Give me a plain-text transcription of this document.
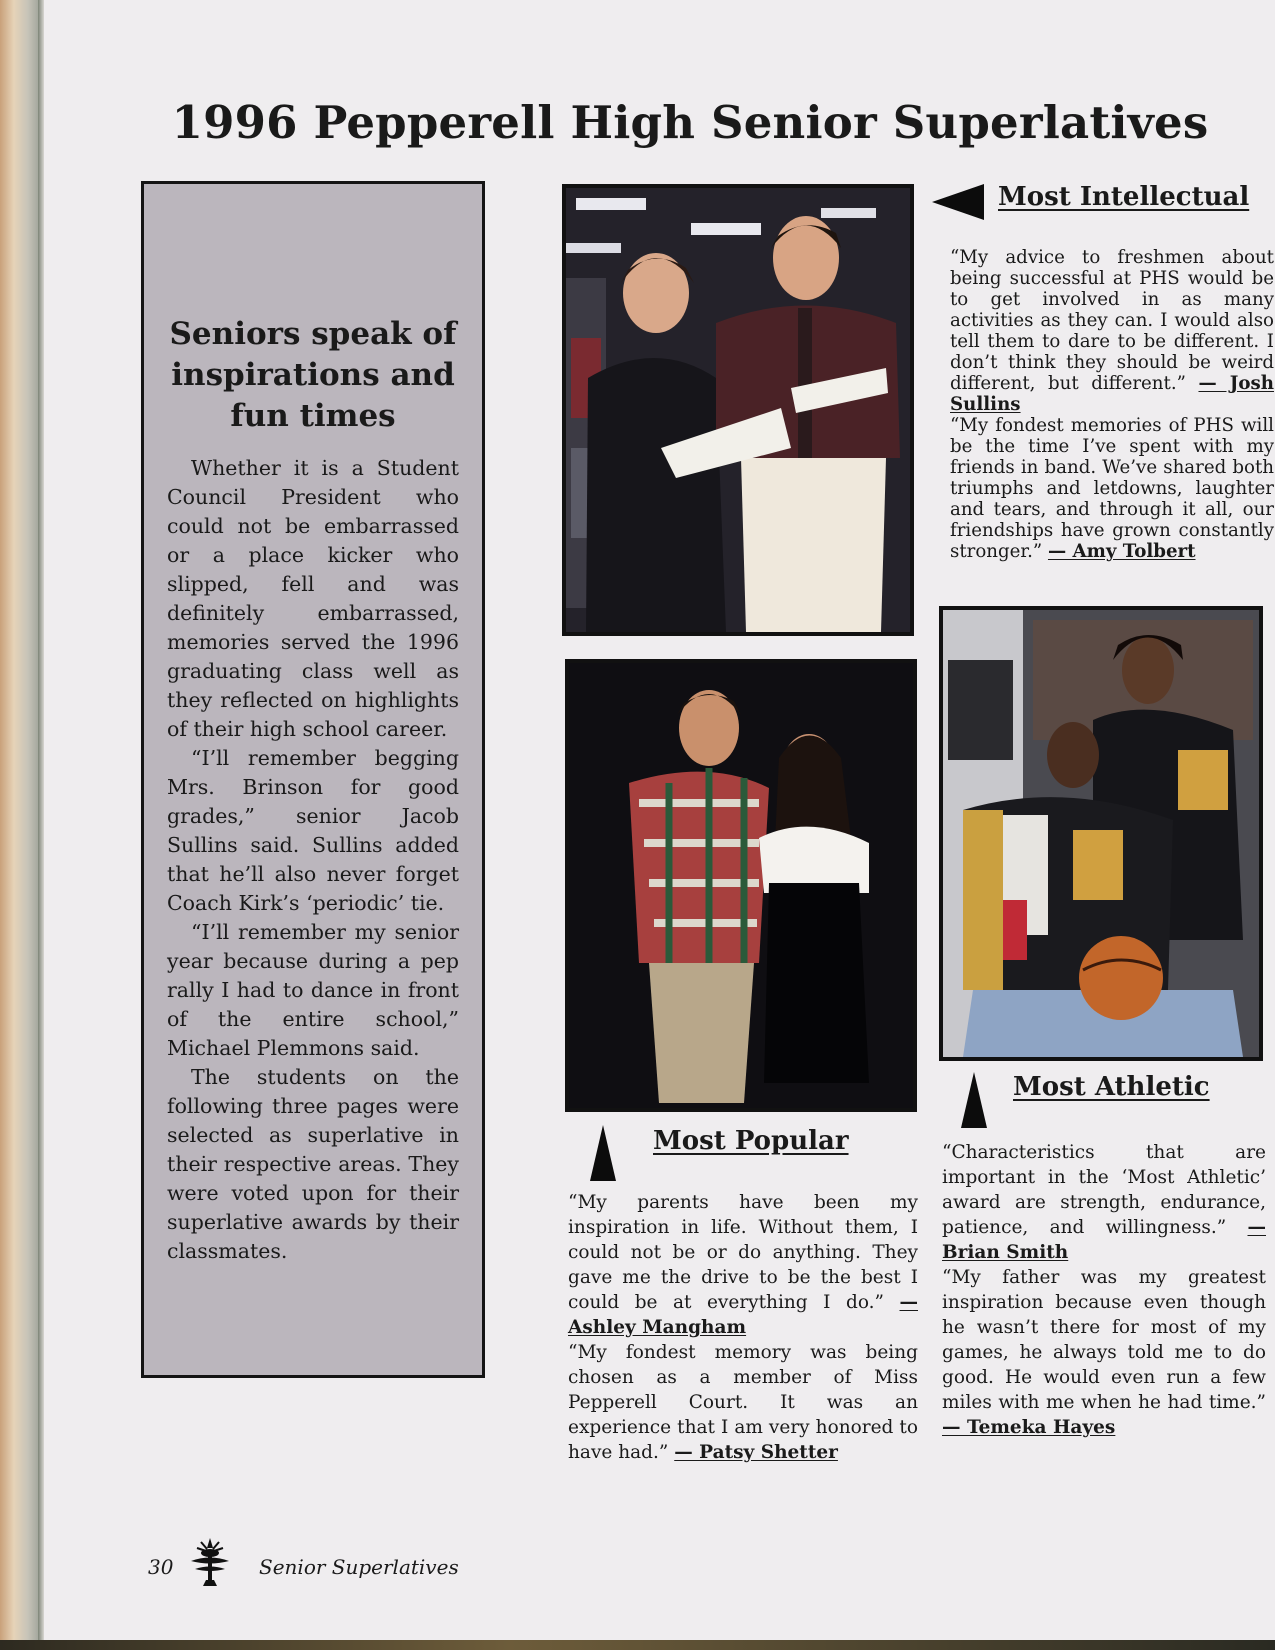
1996 Pepperell High Senior Superlatives
Seniors speak of inspirations and fun times

Whether it is a Student Council President who could not be embarrassed or a place kicker who slipped, fell and was definitely embarrassed, memories served the 1996 graduating class well as they reflected on highlights of their high school career.

“I’ll remember begging Mrs. Brinson for good grades,” senior Jacob Sullins said. Sullins added that he’ll also never forget Coach Kirk’s ‘periodic’ tie.

“I’ll remember my senior year because during a pep rally I had to dance in front of the entire school,” Michael Plemmons said.

The students on the following three pages were selected as superlative in their respective areas. They were voted upon for their superlative awards by their classmates.

Most Intellectual
Most Popular
Most Athletic

“My advice to freshmen about being successful at PHS would be to get involved in as many activities as they can. I would also tell them to dare to be different. I don’t think they should be weird different, but different.” — Josh Sullins

“My fondest memories of PHS will be the time I’ve spent with my friends in band. We’ve shared both triumphs and letdowns, laughter and tears, and through it all, our friendships have grown constantly stronger.” — Amy Tolbert

“My parents have been my inspiration in life. Without them, I could not be or do anything. They gave me the drive to be the best I could be at everything I do.” — Ashley Mangham

“My fondest memory was being chosen as a member of Miss Pepperell Court. It was an experience that I am very honored to have had.” — Patsy Shetter

“Characteristics that are important in the ‘Most Athletic’ award are strength, endurance, patience, and willingness.” — Brian Smith

“My father was my greatest inspiration because even though he wasn’t there for most of my games, he always told me to do good. He would even run a few miles with me when he had time.” — Temeka Hayes

30	Senior Superlatives
